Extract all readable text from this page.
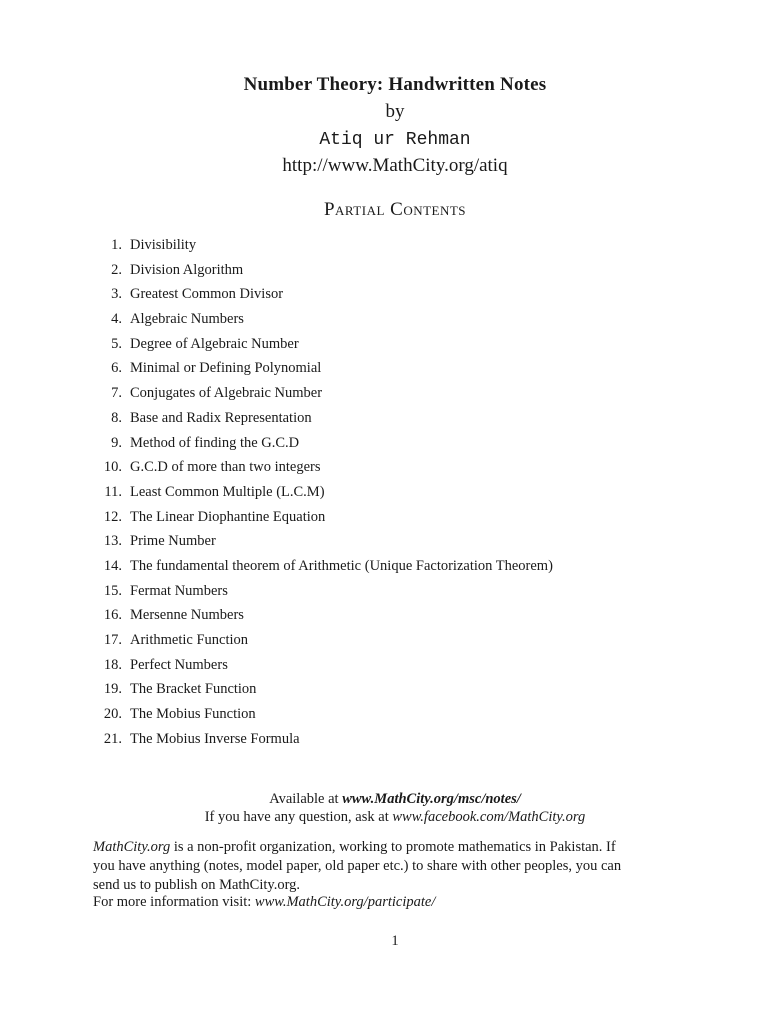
Number Theory: Handwritten Notes
by
Atiq ur Rehman
http://www.MathCity.org/atiq
Partial Contents
1. Divisibility
2. Division Algorithm
3. Greatest Common Divisor
4. Algebraic Numbers
5. Degree of Algebraic Number
6. Minimal or Defining Polynomial
7. Conjugates of Algebraic Number
8. Base and Radix Representation
9. Method of finding the G.C.D
10. G.C.D of more than two integers
11. Least Common Multiple (L.C.M)
12. The Linear Diophantine Equation
13. Prime Number
14. The fundamental theorem of Arithmetic (Unique Factorization Theorem)
15. Fermat Numbers
16. Mersenne Numbers
17. Arithmetic Function
18. Perfect Numbers
19. The Bracket Function
20. The Mobius Function
21. The Mobius Inverse Formula
Available at www.MathCity.org/msc/notes/
If you have any question, ask at www.facebook.com/MathCity.org
MathCity.org is a non-profit organization, working to promote mathematics in Pakistan. If
you have anything (notes, model paper, old paper etc.) to share with other peoples, you can
send us to publish on MathCity.org.
For more information visit: www.MathCity.org/participate/
1
